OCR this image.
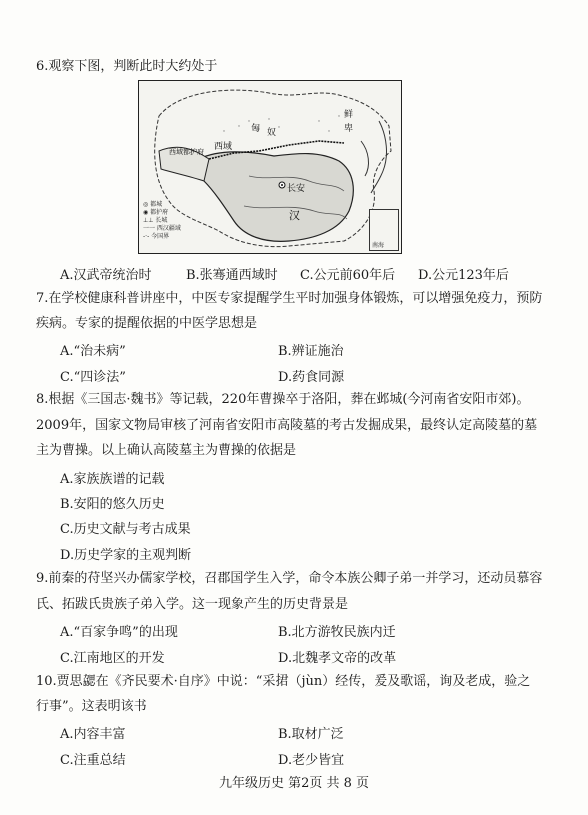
6.观察下图，判断此时大约处于
匈 奴
西域
西域都护府
长安
汉
鲜
卑
◎ 都城
◉ 都护府
⊥⊥ 长城
一一 西汉疆域
-·- 今国界
南海
A.汉武帝统治时	B.张骞通西域时 C.公元前60年后 D.公元123年后
7.在学校健康科普讲座中，中医专家提醒学生平时加强身体锻炼，可以增强免疫力，预防
疾病。专家的提醒依据的中医学思想是
A.“治未病”	B.辨证施治
C.“四诊法”	D.药食同源
8.根据《三国志·魏书》等记载，220年曹操卒于洛阳，葬在邺城(今河南省安阳市郊)。
2009年，国家文物局审核了河南省安阳市高陵墓的考古发掘成果，最终认定高陵墓的墓
主为曹操。以上确认高陵墓主为曹操的依据是
A.家族族谱的记载
B.安阳的悠久历史
C.历史文献与考古成果
D.历史学家的主观判断
9.前秦的苻坚兴办儒家学校，召郡国学生入学，命令本族公卿子弟一并学习，还动员慕容
氏、拓跋氏贵族子弟入学。这一现象产生的历史背景是
A.“百家争鸣”的出现	B.北方游牧民族内迁
C.江南地区的开发	D.北魏孝文帝的改革
10.贾思勰在《齐民要术·自序》中说：“采捃（jùn）经传，爰及歌谣，询及老成，验之
行事”。这表明该书
A.内容丰富	B.取材广泛
C.注重总结	D.老少皆宜
九年级历史 第2页 共 8 页
